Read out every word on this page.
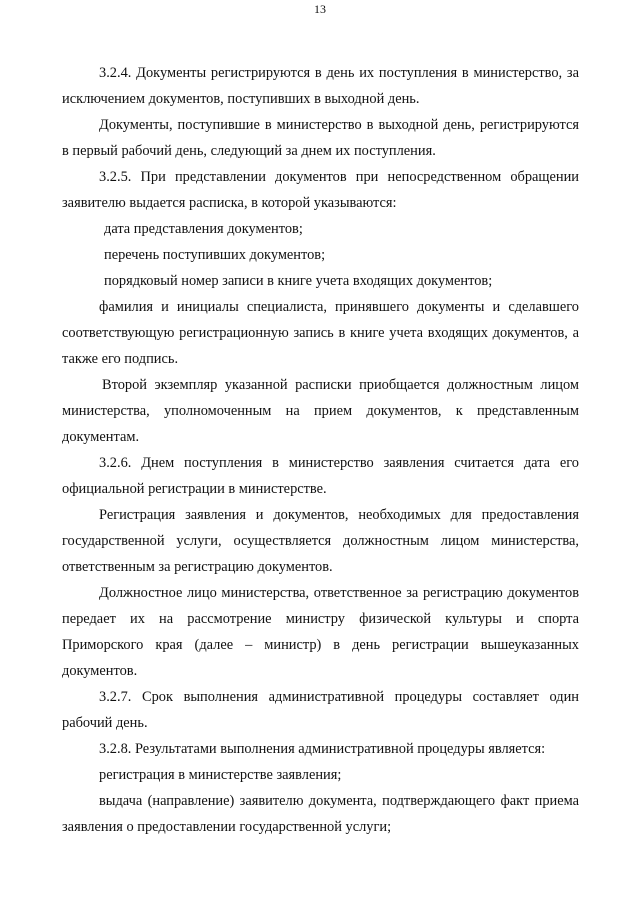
13

3.2.4. Документы регистрируются в день их поступления в министерство, за исключением документов, поступивших в выходной день.

Документы, поступившие в министерство в выходной день, регистрируются в первый рабочий день, следующий за днем их поступления.

3.2.5. При представлении документов при непосредственном обращении заявителю выдается расписка, в которой указываются:

дата представления документов;

перечень поступивших документов;

порядковый номер записи в книге учета входящих документов;

фамилия и инициалы специалиста, принявшего документы и сделавшего соответствующую регистрационную запись в книге учета входящих документов, а также его подпись.

Второй экземпляр указанной расписки приобщается должностным лицом министерства, уполномоченным на прием документов, к представленным документам.

3.2.6. Днем поступления в министерство заявления считается дата его официальной регистрации в министерстве.

Регистрация заявления и документов, необходимых для предоставления государственной услуги, осуществляется должностным лицом министерства, ответственным за регистрацию документов.

Должностное лицо министерства, ответственное за регистрацию документов передает их на рассмотрение министру физической культуры и спорта Приморского края (далее – министр) в день регистрации вышеуказанных документов.

3.2.7. Срок выполнения административной процедуры составляет один рабочий день.

3.2.8. Результатами выполнения административной процедуры является:

регистрация в министерстве заявления;

выдача (направление) заявителю документа, подтверждающего факт приема заявления о предоставлении государственной услуги;
